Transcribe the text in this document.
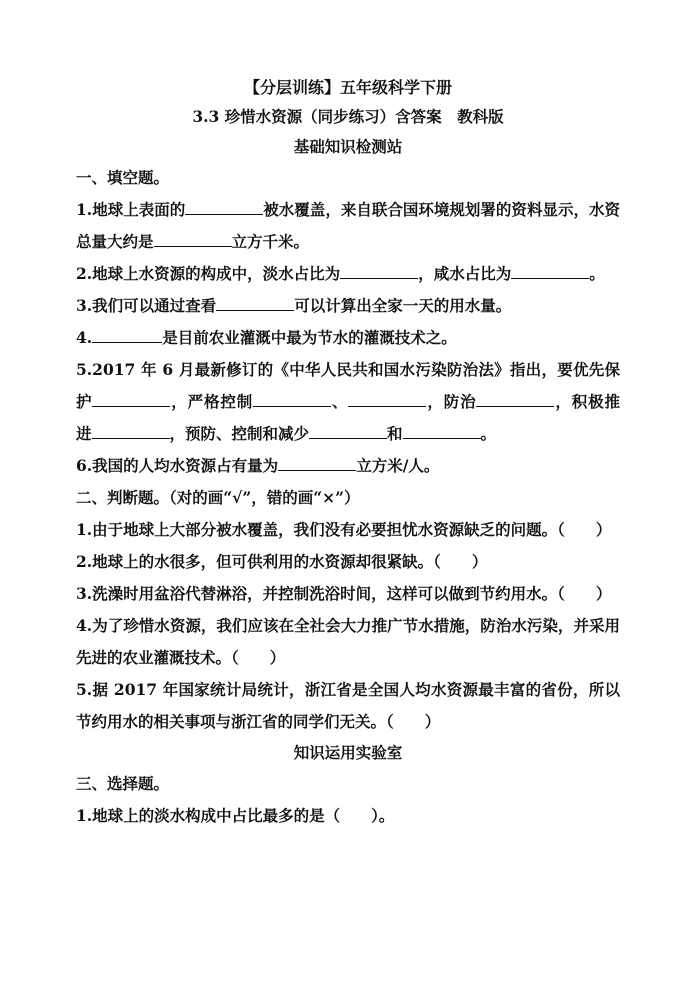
【分层训练】五年级科学下册
3.3 珍惜水资源（同步练习）含答案　教科版
基础知识检测站
一、填空题。
1.地球上表面的	被水覆盖，来自联合国环境规划署的资料显示，水资总量大约是	立方千米。
2.地球上水资源的构成中，淡水占比为	，咸水占比为	。
3.我们可以通过查看	可以计算出全家一天的用水量。
4.	是目前农业灌溉中最为节水的灌溉技术之。
5.2017 年 6 月最新修订的《中华人民共和国水污染防治法》指出，要优先保护	，严格控制	、	，防治	，积极推进	，预防、控制和减少	和	。
6.我国的人均水资源占有量为	立方米/人。
二、判断题。（对的画“√”，错的画“×”）
1.由于地球上大部分被水覆盖，我们没有必要担忧水资源缺乏的问题。（　　）
2.地球上的水很多，但可供利用的水资源却很紧缺。（　　）
3.洗澡时用盆浴代替淋浴，并控制洗浴时间，这样可以做到节约用水。（　　）
4.为了珍惜水资源，我们应该在全社会大力推广节水措施，防治水污染，并采用先进的农业灌溉技术。（　　）
5.据 2017 年国家统计局统计，浙江省是全国人均水资源最丰富的省份，所以节约用水的相关事项与浙江省的同学们无关。（　　）
知识运用实验室
三、选择题。
1.地球上的淡水构成中占比最多的是（　　）。
